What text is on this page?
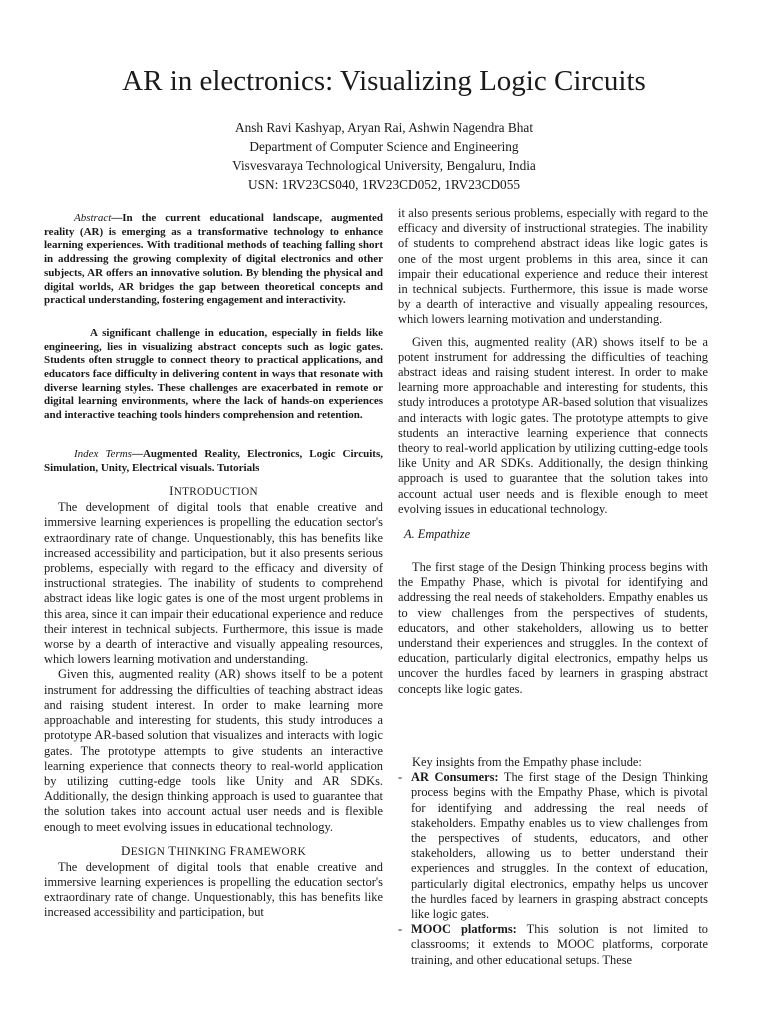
AR in electronics: Visualizing Logic Circuits
Ansh Ravi Kashyap, Aryan Rai, Ashwin Nagendra Bhat
Department of Computer Science and Engineering
Visvesvaraya Technological University, Bengaluru, India
USN: 1RV23CS040, 1RV23CD052, 1RV23CD055

Abstract—In the current educational landscape, augmented reality (AR) is emerging as a transformative technology to enhance learning experiences. With traditional methods of teaching falling short in addressing the growing complexity of digital electronics and other subjects, AR offers an innovative solution. By blending the physical and digital worlds, AR bridges the gap between theoretical concepts and practical understanding, fostering engagement and interactivity.

A significant challenge in education, especially in fields like engineering, lies in visualizing abstract concepts such as logic gates. Students often struggle to connect theory to practical applications, and educators face difficulty in delivering content in ways that resonate with diverse learning styles. These challenges are exacerbated in remote or digital learning environments, where the lack of hands-on experiences and interactive teaching tools hinders comprehension and retention.

Index Terms—Augmented Reality, Electronics, Logic Circuits, Simulation, Unity, Electrical visuals. Tutorials

INTRODUCTION

The development of digital tools that enable creative and immersive learning experiences is propelling the education sector's extraordinary rate of change. Unquestionably, this has benefits like increased accessibility and participation, but it also presents serious problems, especially with regard to the efficacy and diversity of instructional strategies. The inability of students to comprehend abstract ideas like logic gates is one of the most urgent problems in this area, since it can impair their educational experience and reduce their interest in technical subjects. Furthermore, this issue is made worse by a dearth of interactive and visually appealing resources, which lowers learning motivation and understanding.

Given this, augmented reality (AR) shows itself to be a potent instrument for addressing the difficulties of teaching abstract ideas and raising student interest. In order to make learning more approachable and interesting for students, this study introduces a prototype AR-based solution that visualizes and interacts with logic gates. The prototype attempts to give students an interactive learning experience that connects theory to real-world application by utilizing cutting-edge tools like Unity and AR SDKs. Additionally, the design thinking approach is used to guarantee that the solution takes into account actual user needs and is flexible enough to meet evolving issues in educational technology.

DESIGN THINKING FRAMEWORK

The development of digital tools that enable creative and immersive learning experiences is propelling the education sector's extraordinary rate of change. Unquestionably, this has benefits like increased accessibility and participation, but

it also presents serious problems, especially with regard to the efficacy and diversity of instructional strategies. The inability of students to comprehend abstract ideas like logic gates is one of the most urgent problems in this area, since it can impair their educational experience and reduce their interest in technical subjects. Furthermore, this issue is made worse by a dearth of interactive and visually appealing resources, which lowers learning motivation and understanding.

Given this, augmented reality (AR) shows itself to be a potent instrument for addressing the difficulties of teaching abstract ideas and raising student interest. In order to make learning more approachable and interesting for students, this study introduces a prototype AR-based solution that visualizes and interacts with logic gates. The prototype attempts to give students an interactive learning experience that connects theory to real-world application by utilizing cutting-edge tools like Unity and AR SDKs. Additionally, the design thinking approach is used to guarantee that the solution takes into account actual user needs and is flexible enough to meet evolving issues in educational technology.

A. Empathize

The first stage of the Design Thinking process begins with the Empathy Phase, which is pivotal for identifying and addressing the real needs of stakeholders. Empathy enables us to view challenges from the perspectives of students, educators, and other stakeholders, allowing us to better understand their experiences and struggles. In the context of education, particularly digital electronics, empathy helps us uncover the hurdles faced by learners in grasping abstract concepts like logic gates.

Key insights from the Empathy phase include:

- AR Consumers: The first stage of the Design Thinking process begins with the Empathy Phase, which is pivotal for identifying and addressing the real needs of stakeholders. Empathy enables us to view challenges from the perspectives of students, educators, and other stakeholders, allowing us to better understand their experiences and struggles. In the context of education, particularly digital electronics, empathy helps us uncover the hurdles faced by learners in grasping abstract concepts like logic gates.
- MOOC platforms: This solution is not limited to classrooms; it extends to MOOC platforms, corporate training, and other educational setups. These
